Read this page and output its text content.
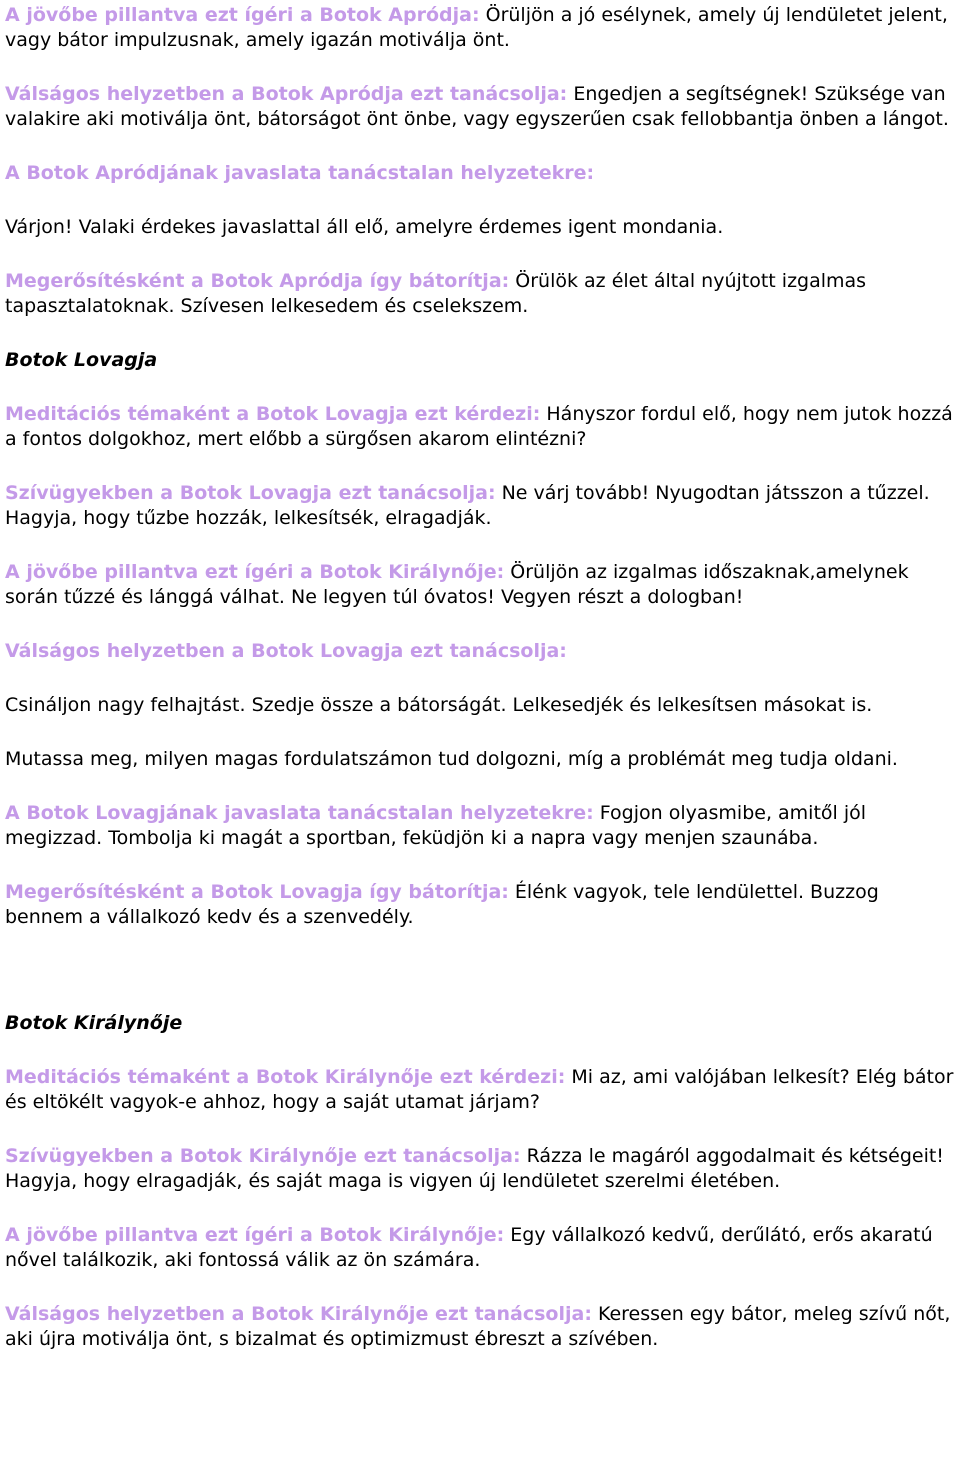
A jövőbe pillantva ezt ígéri a Botok Apródja: Örüljön a jó esélynek, amely új lendületet jelent, vagy bátor impulzusnak, amely igazán motiválja önt.

Válságos helyzetben a Botok Apródja ezt tanácsolja: Engedjen a segítségnek! Szüksége van valakire aki motiválja önt, bátorságot önt önbe, vagy egyszerűen csak fellobbantja önben a lángot.

A Botok Apródjának javaslata tanácstalan helyzetekre:

Várjon! Valaki érdekes javaslattal áll elő, amelyre érdemes igent mondania.

Megerősítésként a Botok Apródja így bátorítja: Örülök az élet által nyújtott izgalmas tapasztalatoknak. Szívesen lelkesedem és cselekszem.

Botok Lovagja

Meditációs témaként a Botok Lovagja ezt kérdezi: Hányszor fordul elő, hogy nem jutok hozzá a fontos dolgokhoz, mert előbb a sürgősen akarom elintézni?

Szívügyekben a Botok Lovagja ezt tanácsolja: Ne várj tovább! Nyugodtan játsszon a tűzzel. Hagyja, hogy tűzbe hozzák, lelkesítsék, elragadják.

A jövőbe pillantva ezt ígéri a Botok Királynője: Örüljön az izgalmas időszaknak,amelynek során tűzzé és lánggá válhat. Ne legyen túl óvatos! Vegyen részt a dologban!

Válságos helyzetben a Botok Lovagja ezt tanácsolja:

Csináljon nagy felhajtást. Szedje össze a bátorságát. Lelkesedjék és lelkesítsen másokat is.

Mutassa meg, milyen magas fordulatszámon tud dolgozni, míg a problémát meg tudja oldani.

A Botok Lovagjának javaslata tanácstalan helyzetekre: Fogjon olyasmibe, amitől jól megizzad. Tombolja ki magát a sportban, feküdjön ki a napra vagy menjen szaunába.

Megerősítésként a Botok Lovagja így bátorítja: Élénk vagyok, tele lendülettel. Buzzog bennem a vállalkozó kedv és a szenvedély.

Botok Királynője

Meditációs témaként a Botok Királynője ezt kérdezi: Mi az, ami valójában lelkesít? Elég bátor és eltökélt vagyok-e ahhoz, hogy a saját utamat járjam?

Szívügyekben a Botok Királynője ezt tanácsolja: Rázza le magáról aggodalmait és kétségeit! Hagyja, hogy elragadják, és saját maga is vigyen új lendületet szerelmi életében.

A jövőbe pillantva ezt ígéri a Botok Királynője: Egy vállalkozó kedvű, derűlátó, erős akaratú nővel találkozik, aki fontossá válik az ön számára.

Válságos helyzetben a Botok Királynője ezt tanácsolja: Keressen egy bátor, meleg szívű nőt, aki újra motiválja önt, s bizalmat és optimizmust ébreszt a szívében.
